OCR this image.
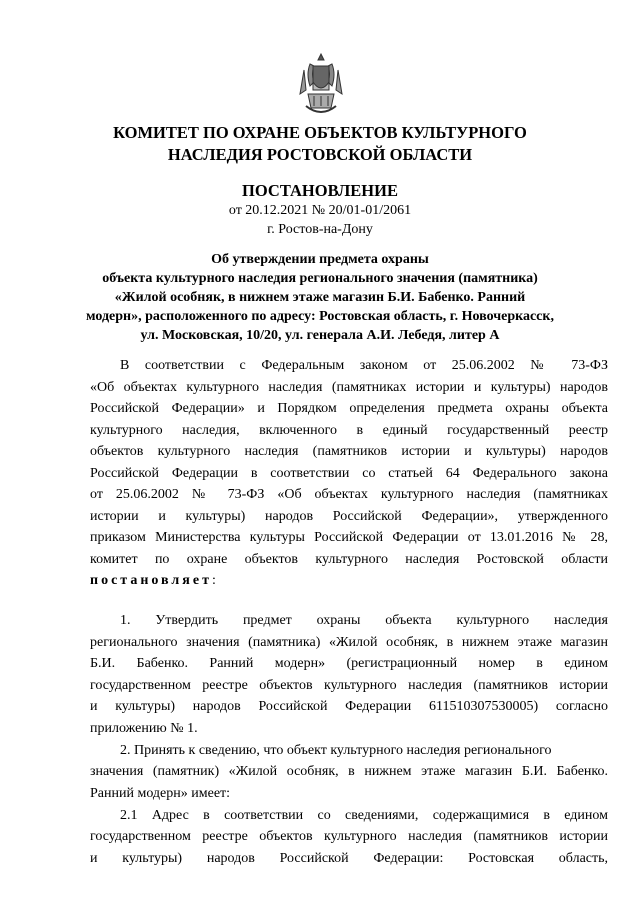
КОМИТЕТ ПО ОХРАНЕ ОБЪЕКТОВ КУЛЬТУРНОГО
НАСЛЕДИЯ РОСТОВСКОЙ ОБЛАСТИ
ПОСТАНОВЛЕНИЕ
от 20.12.2021 № 20/01-01/2061
г. Ростов-на-Дону
Об утверждении предмета охраны
объекта культурного наследия регионального значения (памятника)
«Жилой особняк, в нижнем этаже магазин Б.И. Бабенко. Ранний
модерн», расположенного по адресу: Ростовская область, г. Новочеркасск,
ул. Московская, 10/20, ул. генерала А.И. Лебедя, литер А
В соответствии с Федеральным законом от 25.06.2002 № 73-ФЗ
«Об объектах культурного наследия (памятниках истории и культуры) народов
Российской Федерации» и Порядком определения предмета охраны объекта
культурного наследия, включенного в единый государственный реестр
объектов культурного наследия (памятников истории и культуры) народов
Российской Федерации в соответствии со статьей 64 Федерального закона
от 25.06.2002 № 73-ФЗ «Об объектах культурного наследия (памятниках
истории и культуры) народов Российской Федерации», утвержденного
приказом Министерства культуры Российской Федерации от 13.01.2016 № 28,
комитет по охране объектов культурного наследия Ростовской области
постановляет:
1. Утвердить предмет охраны объекта культурного наследия
регионального значения (памятника) «Жилой особняк, в нижнем этаже магазин
Б.И. Бабенко. Ранний модерн» (регистрационный номер в едином
государственном реестре объектов культурного наследия (памятников истории
и культуры) народов Российской Федерации 611510307530005) согласно
приложению № 1.
2. Принять к сведению, что объект культурного наследия регионального
значения (памятник) «Жилой особняк, в нижнем этаже магазин Б.И. Бабенко.
Ранний модерн» имеет:
2.1 Адрес в соответствии со сведениями, содержащимися в едином
государственном реестре объектов культурного наследия (памятников истории
и культуры) народов Российской Федерации: Ростовская область,
